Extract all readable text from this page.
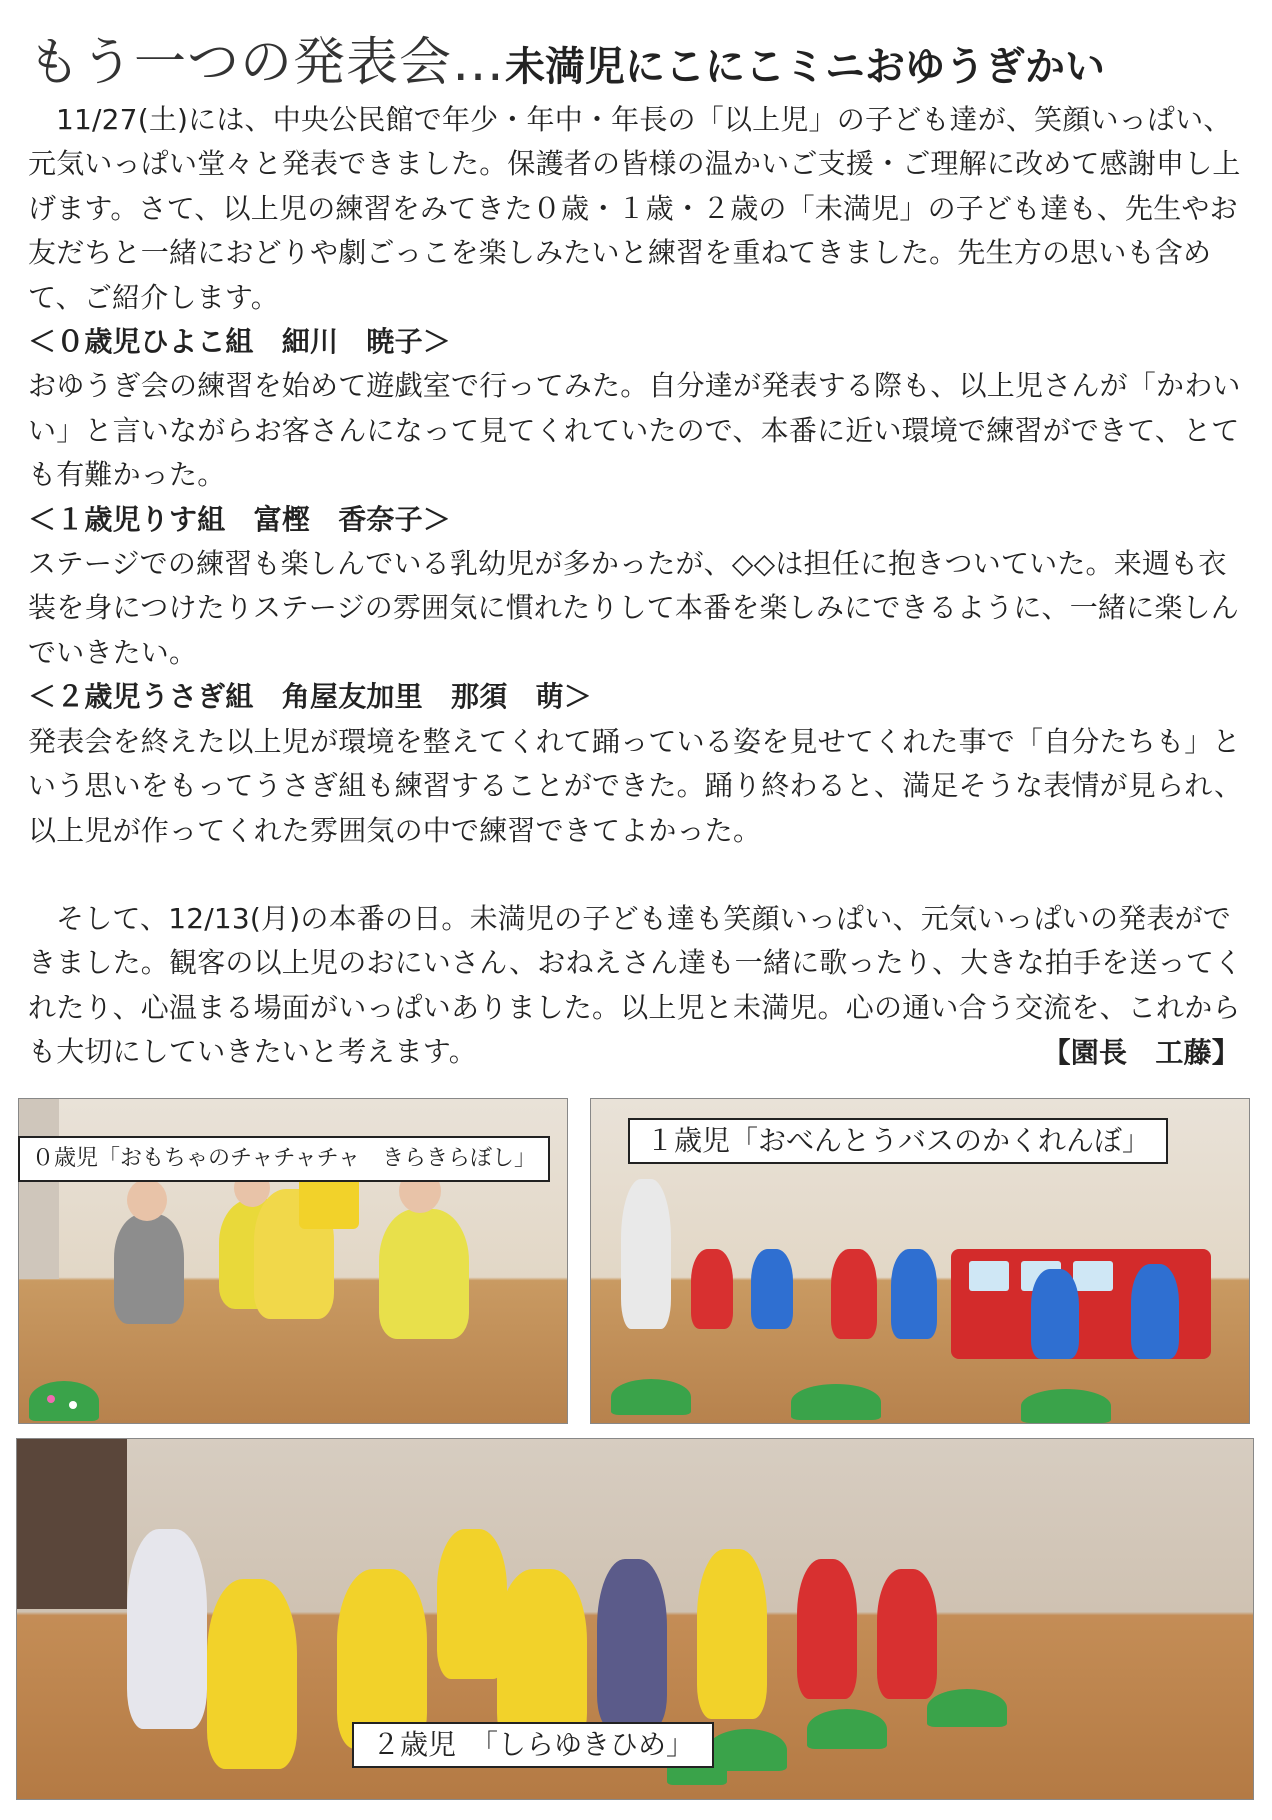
もう一つの発表会…未満児にこにこミニおゆうぎかい

11/27(土)には、中央公民館で年少・年中・年長の「以上児」の子ども達が、笑顔いっぱい、元気いっぱい堂々と発表できました。保護者の皆様の温かいご支援・ご理解に改めて感謝申し上げます。さて、以上児の練習をみてきた０歳・１歳・２歳の「未満児」の子ども達も、先生やお友だちと一緒におどりや劇ごっこを楽しみたいと練習を重ねてきました。先生方の思いも含めて、ご紹介します。

＜０歳児ひよこ組　細川　暁子＞

おゆうぎ会の練習を始めて遊戯室で行ってみた。自分達が発表する際も、以上児さんが「かわいい」と言いながらお客さんになって見てくれていたので、本番に近い環境で練習ができて、とても有難かった。

＜１歳児りす組　富樫　香奈子＞

ステージでの練習も楽しんでいる乳幼児が多かったが、◇◇は担任に抱きついていた。来週も衣装を身につけたりステージの雰囲気に慣れたりして本番を楽しみにできるように、一緒に楽しんでいきたい。

＜２歳児うさぎ組　角屋友加里　那須　萌＞

発表会を終えた以上児が環境を整えてくれて踊っている姿を見せてくれた事で「自分たちも」という思いをもってうさぎ組も練習することができた。踊り終わると、満足そうな表情が見られ、以上児が作ってくれた雰囲気の中で練習できてよかった。

そして、12/13(月)の本番の日。未満児の子ども達も笑顔いっぱい、元気いっぱいの発表ができました。観客の以上児のおにいさん、おねえさん達も一緒に歌ったり、大きな拍手を送ってくれたり、心温まる場面がいっぱいありました。以上児と未満児。心の通い合う交流を、これからも大切にしていきたいと考えます。	【園長　工藤】

０歳児「おもちゃのチャチャチャ　きらきらぼし」
１歳児「おべんとうバスのかくれんぼ」
２歳児　「しらゆきひめ」
